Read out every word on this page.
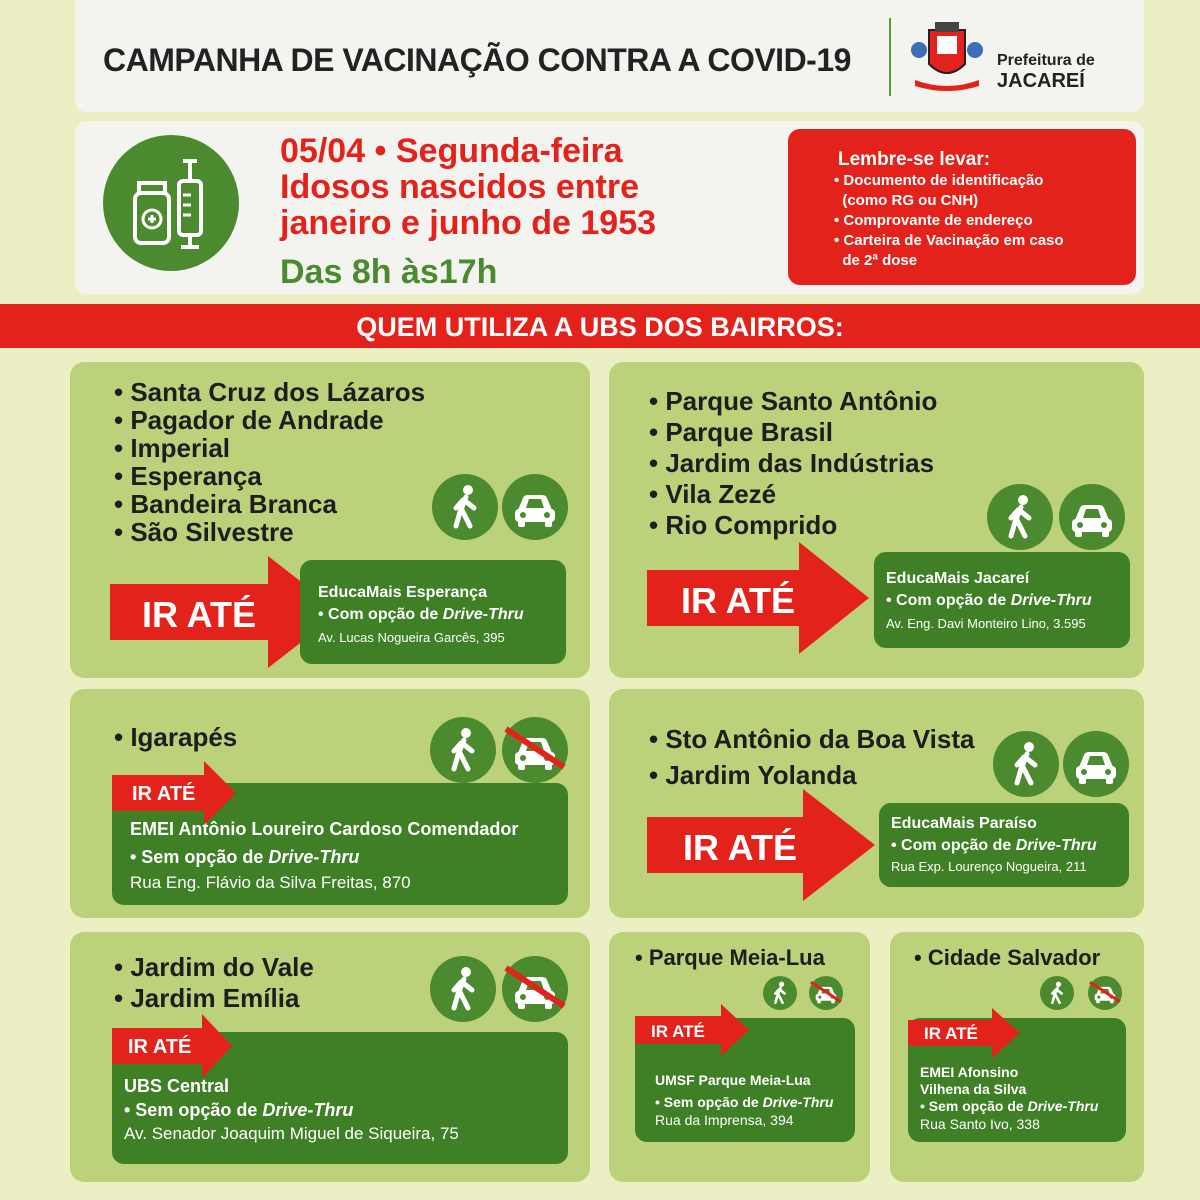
CAMPANHA DE VACINAÇÃO CONTRA A COVID-19	Prefeitura de
JACAREÍ
05/04 • Segunda-feira
Idosos nascidos entre
janeiro e junho de 1953
Das 8h às17h
Lembre-se levar:
• Documento de identificação
(como RG ou CNH)
• Comprovante de endereço
• Carteira de Vacinação em caso
de 2ª dose
QUEM UTILIZA A UBS DOS BAIRROS:
• Santa Cruz dos Lázaros
• Pagador de Andrade
• Imperial
• Esperança
• Bandeira Branca
• São Silvestre
IR ATÉ
EducaMais Esperança
• Com opção de Drive-Thru
Av. Lucas Nogueira Garcês, 395
• Parque Santo Antônio
• Parque Brasil
• Jardim das Indústrias
• Vila Zezé
• Rio Comprido
IR ATÉ
EducaMais Jacareí
• Com opção de Drive-Thru
Av. Eng. Davi Monteiro Lino, 3.595
• Igarapés
EMEI Antônio Loureiro Cardoso Comendador
• Sem opção de Drive-Thru
Rua Eng. Flávio da Silva Freitas, 870
IR ATÉ
• Sto Antônio da Boa Vista
• Jardim Yolanda
IR ATÉ
EducaMais Paraíso
• Com opção de Drive-Thru
Rua Exp. Lourenço Nogueira, 211
• Jardim do Vale
• Jardim Emília
UBS Central
• Sem opção de Drive-Thru
Av. Senador Joaquim Miguel de Siqueira, 75
IR ATÉ
• Parque Meia-Lua
UMSF Parque Meia-Lua
• Sem opção de Drive-Thru
Rua da Imprensa, 394
IR ATÉ
• Cidade Salvador
EMEI Afonsino
Vilhena da Silva
• Sem opção de Drive-Thru
Rua Santo Ivo, 338
IR ATÉ
